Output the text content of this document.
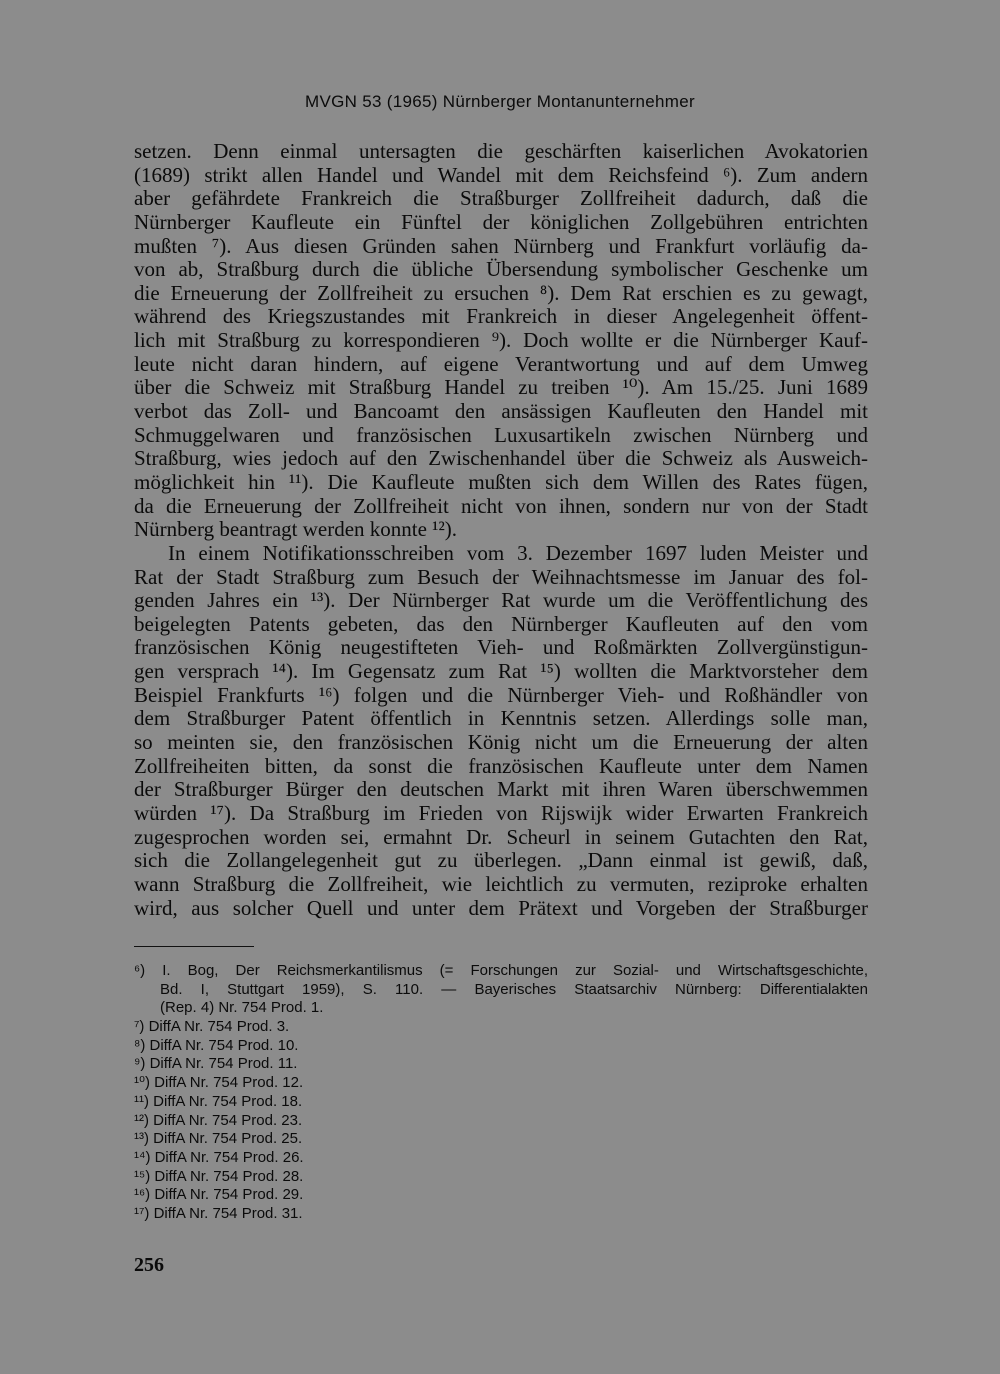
MVGN 53 (1965) Nürnberger Montanunternehmer
setzen. Denn einmal untersagten die geschärften kaiserlichen Avokatorien
(1689) strikt allen Handel und Wandel mit dem Reichsfeind ⁶). Zum andern
aber gefährdete Frankreich die Straßburger Zollfreiheit dadurch, daß die
Nürnberger Kaufleute ein Fünftel der königlichen Zollgebühren entrichten
mußten ⁷). Aus diesen Gründen sahen Nürnberg und Frankfurt vorläufig da-
von ab, Straßburg durch die übliche Übersendung symbolischer Geschenke um
die Erneuerung der Zollfreiheit zu ersuchen ⁸). Dem Rat erschien es zu gewagt,
während des Kriegszustandes mit Frankreich in dieser Angelegenheit öffent-
lich mit Straßburg zu korrespondieren ⁹). Doch wollte er die Nürnberger Kauf-
leute nicht daran hindern, auf eigene Verantwortung und auf dem Umweg
über die Schweiz mit Straßburg Handel zu treiben ¹⁰). Am 15./25. Juni 1689
verbot das Zoll- und Bancoamt den ansässigen Kaufleuten den Handel mit
Schmuggelwaren und französischen Luxusartikeln zwischen Nürnberg und
Straßburg, wies jedoch auf den Zwischenhandel über die Schweiz als Ausweich-
möglichkeit hin ¹¹). Die Kaufleute mußten sich dem Willen des Rates fügen,
da die Erneuerung der Zollfreiheit nicht von ihnen, sondern nur von der Stadt
Nürnberg beantragt werden konnte ¹²).
In einem Notifikationsschreiben vom 3. Dezember 1697 luden Meister und
Rat der Stadt Straßburg zum Besuch der Weihnachtsmesse im Januar des fol-
genden Jahres ein ¹³). Der Nürnberger Rat wurde um die Veröffentlichung des
beigelegten Patents gebeten, das den Nürnberger Kaufleuten auf den vom
französischen König neugestifteten Vieh- und Roßmärkten Zollvergünstigun-
gen versprach ¹⁴). Im Gegensatz zum Rat ¹⁵) wollten die Marktvorsteher dem
Beispiel Frankfurts ¹⁶) folgen und die Nürnberger Vieh- und Roßhändler von
dem Straßburger Patent öffentlich in Kenntnis setzen. Allerdings solle man,
so meinten sie, den französischen König nicht um die Erneuerung der alten
Zollfreiheiten bitten, da sonst die französischen Kaufleute unter dem Namen
der Straßburger Bürger den deutschen Markt mit ihren Waren überschwemmen
würden ¹⁷). Da Straßburg im Frieden von Rijswijk wider Erwarten Frankreich
zugesprochen worden sei, ermahnt Dr. Scheurl in seinem Gutachten den Rat,
sich die Zollangelegenheit gut zu überlegen. „Dann einmal ist gewiß, daß,
wann Straßburg die Zollfreiheit, wie leichtlich zu vermuten, reziproke erhalten
wird, aus solcher Quell und unter dem Prätext und Vorgeben der Straßburger
⁶) I. Bog, Der Reichsmerkantilismus (= Forschungen zur Sozial- und Wirtschaftsgeschichte,
Bd. I, Stuttgart 1959), S. 110. — Bayerisches Staatsarchiv Nürnberg: Differentialakten
(Rep. 4) Nr. 754 Prod. 1.
⁷) DiffA Nr. 754 Prod. 3.
⁸) DiffA Nr. 754 Prod. 10.
⁹) DiffA Nr. 754 Prod. 11.
¹⁰) DiffA Nr. 754 Prod. 12.
¹¹) DiffA Nr. 754 Prod. 18.
¹²) DiffA Nr. 754 Prod. 23.
¹³) DiffA Nr. 754 Prod. 25.
¹⁴) DiffA Nr. 754 Prod. 26.
¹⁵) DiffA Nr. 754 Prod. 28.
¹⁶) DiffA Nr. 754 Prod. 29.
¹⁷) DiffA Nr. 754 Prod. 31.
256
